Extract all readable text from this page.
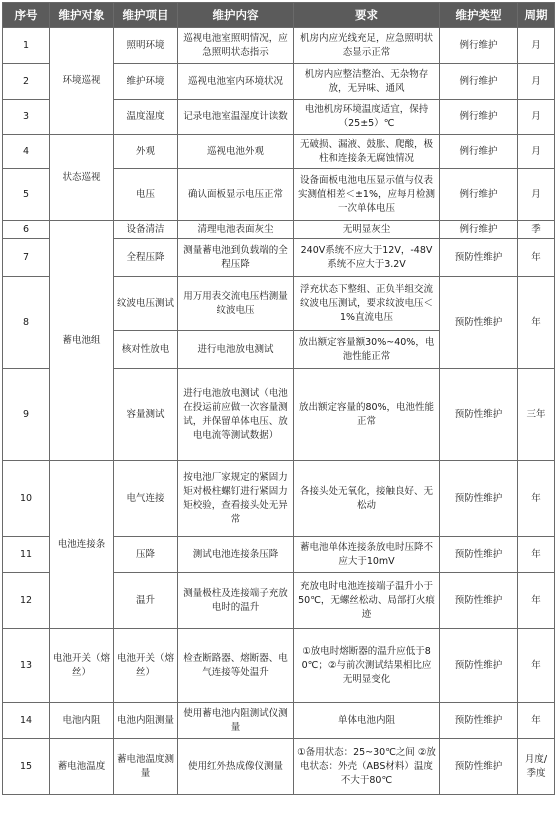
序号	维护对象	维护项目	维护内容	要求	维护类型	周期
1	环境巡视	照明环境	巡视电池室照明情况，应急照明状态指示	机房内应光线充足，应急照明状态显示正常	例行维护	月
2		维护环境	巡视电池室内环境状况	机房内应整洁整治、无杂物存放，无异味、通风	例行维护	月
3		温度湿度	记录电池室温湿度计读数	电池机房环境温度适宜，保持（25±5）℃	例行维护	月
4	状态巡视	外观	巡视电池外观	无破损、漏液、鼓胀、爬酸，极柱和连接条无腐蚀情况	例行维护	月
5		电压	确认面板显示电压正常	设备面板电池电压显示值与仪表实测值相差＜±1%，应每月检测一次单体电压	例行维护	月
6	蓄电池组	设备清洁	清理电池表面灰尘	无明显灰尘	例行维护	季
7		全程压降	测量蓄电池到负载端的全程压降	240V系统不应大于12V，-48V系统不应大于3.2V	预防性维护	年
8		纹波电压测试	用万用表交流电压档测量纹波电压	浮充状态下整组、正负半组交流纹波电压测试，要求纹波电压＜1%直流电压	预防性维护	年
		核对性放电	进行电池放电测试	放出额定容量额30%~40%，电池性能正常		
9		容量测试	进行电池放电测试（电池在投运前应做一次容量测试，并保留单体电压、放电电流等测试数据）	放出额定容量的80%，电池性能正常	预防性维护	三年
10	电池连接条	电气连接	按电池厂家规定的紧固力矩对极柱螺钉进行紧固力矩校验，查看接头处无异常	各接头处无氧化，接触良好、无松动	预防性维护	年
11		压降	测试电池连接条压降	蓄电池单体连接条放电时压降不应大于10mV	预防性维护	年
12		温升	测量极柱及连接端子充放电时的温升	充放电时电池连接端子温升小于50℃，无螺丝松动、局部打火痕迹	预防性维护	年
13	电池开关（熔丝）	电池开关（熔丝）	检查断路器、熔断器、电气连接等处温升	①放电时熔断器的温升应低于80℃；②与前次测试结果相比应无明显变化	预防性维护	年
14	电池内阻	电池内阻测量	使用蓄电池内阻测试仪测量	单体电池内阻	预防性维护	年
15	蓄电池温度	蓄电池温度测量	使用红外热成像仪测量	①备用状态：25~30℃之间 ②放电状态：外壳（ABS材料）温度不大于80℃	预防性维护	月度/季度
